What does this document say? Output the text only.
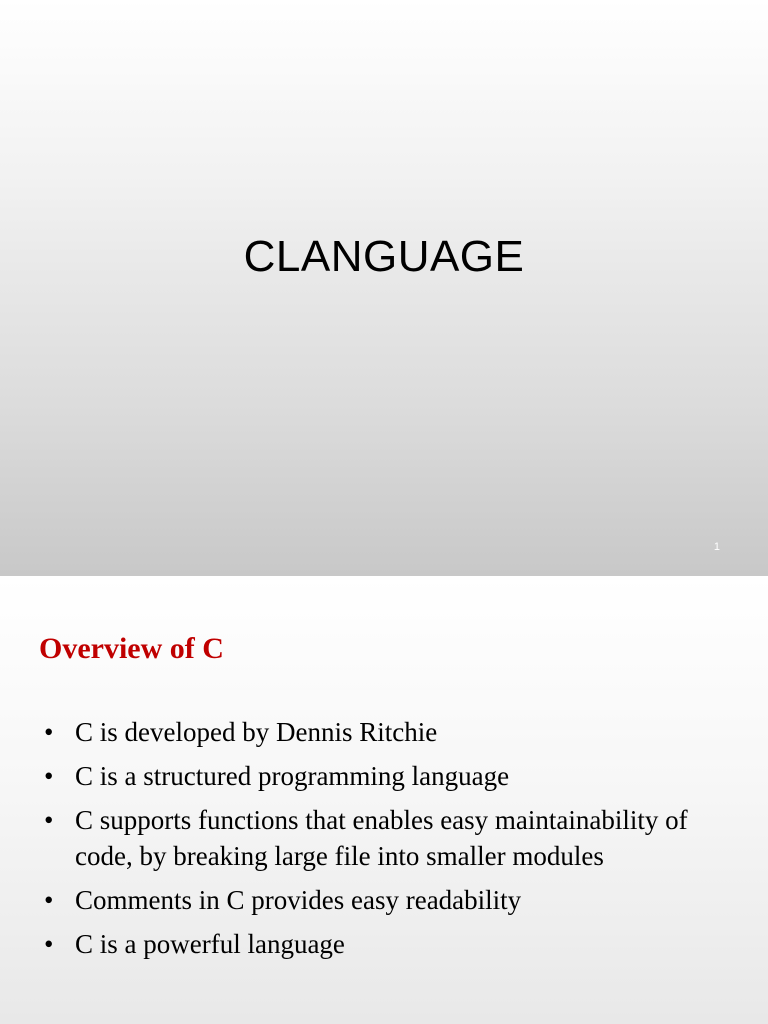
CLANGUAGE
1
Overview of C
• C is developed by Dennis Ritchie
• C is a structured programming language
• C supports functions that enables easy maintainability of code, by breaking large file into smaller modules
• Comments in C provides easy readability
• C is a powerful language
